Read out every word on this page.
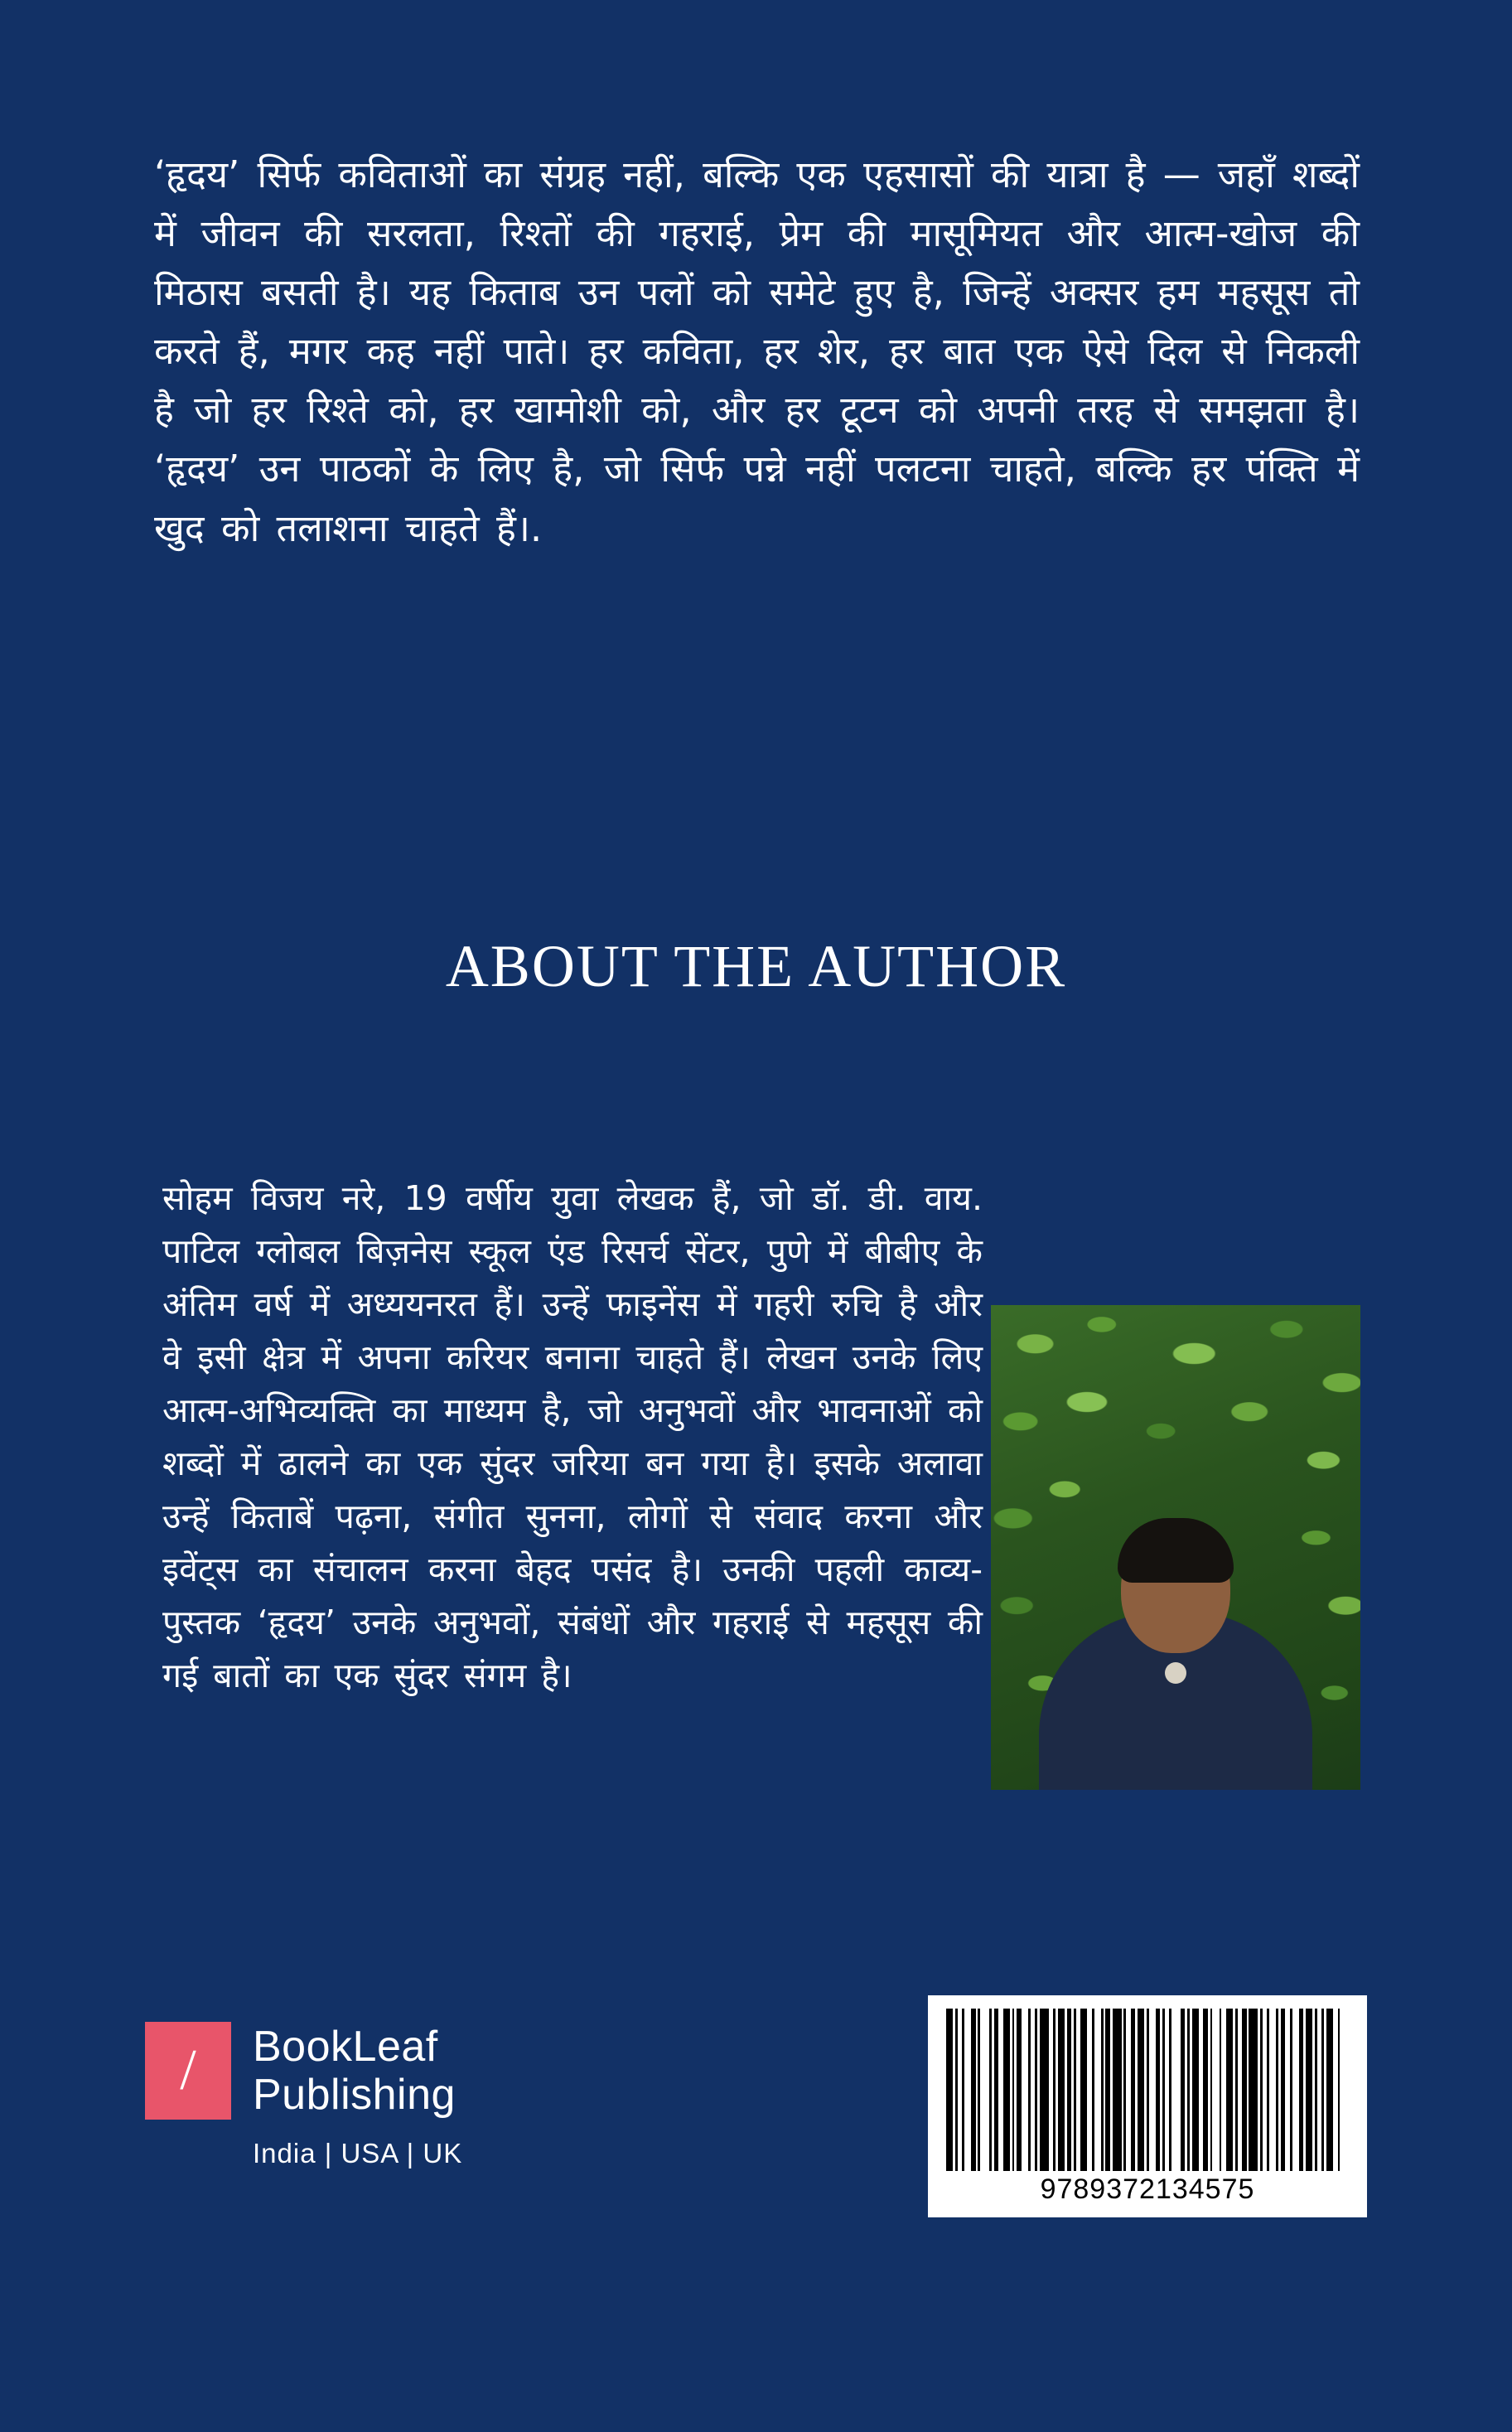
‘हृदय’ सिर्फ कविताओं का संग्रह नहीं, बल्कि एक एहसासों की यात्रा है — जहाँ शब्दों में जीवन की सरलता, रिश्तों की गहराई, प्रेम की मासूमियत और आत्म-खोज की मिठास बसती है। यह किताब उन पलों को समेटे हुए है, जिन्हें अक्सर हम महसूस तो करते हैं, मगर कह नहीं पाते। हर कविता, हर शेर, हर बात एक ऐसे दिल से निकली है जो हर रिश्ते को, हर खामोशी को, और हर टूटन को अपनी तरह से समझता है। ‘हृदय’ उन पाठकों के लिए है, जो सिर्फ पन्ने नहीं पलटना चाहते, बल्कि हर पंक्ति में खुद को तलाशना चाहते हैं।.
ABOUT THE AUTHOR
सोहम विजय नरे, 19 वर्षीय युवा लेखक हैं, जो डॉ. डी. वाय. पाटिल ग्लोबल बिज़नेस स्कूल एंड रिसर्च सेंटर, पुणे में बीबीए के अंतिम वर्ष में अध्ययनरत हैं। उन्हें फाइनेंस में गहरी रुचि है और वे इसी क्षेत्र में अपना करियर बनाना चाहते हैं। लेखन उनके लिए आत्म-अभिव्यक्ति का माध्यम है, जो अनुभवों और भावनाओं को शब्दों में ढालने का एक सुंदर जरिया बन गया है। इसके अलावा उन्हें किताबें पढ़ना, संगीत सुनना, लोगों से संवाद करना और इवेंट्स का संचालन करना बेहद पसंद है। उनकी पहली काव्य-पुस्तक ‘हृदय’ उनके अनुभवों, संबंधों और गहराई से महसूस की गई बातों का एक सुंदर संगम है।
/ BookLeaf
Publishing
India | USA | UK
9789372134575
